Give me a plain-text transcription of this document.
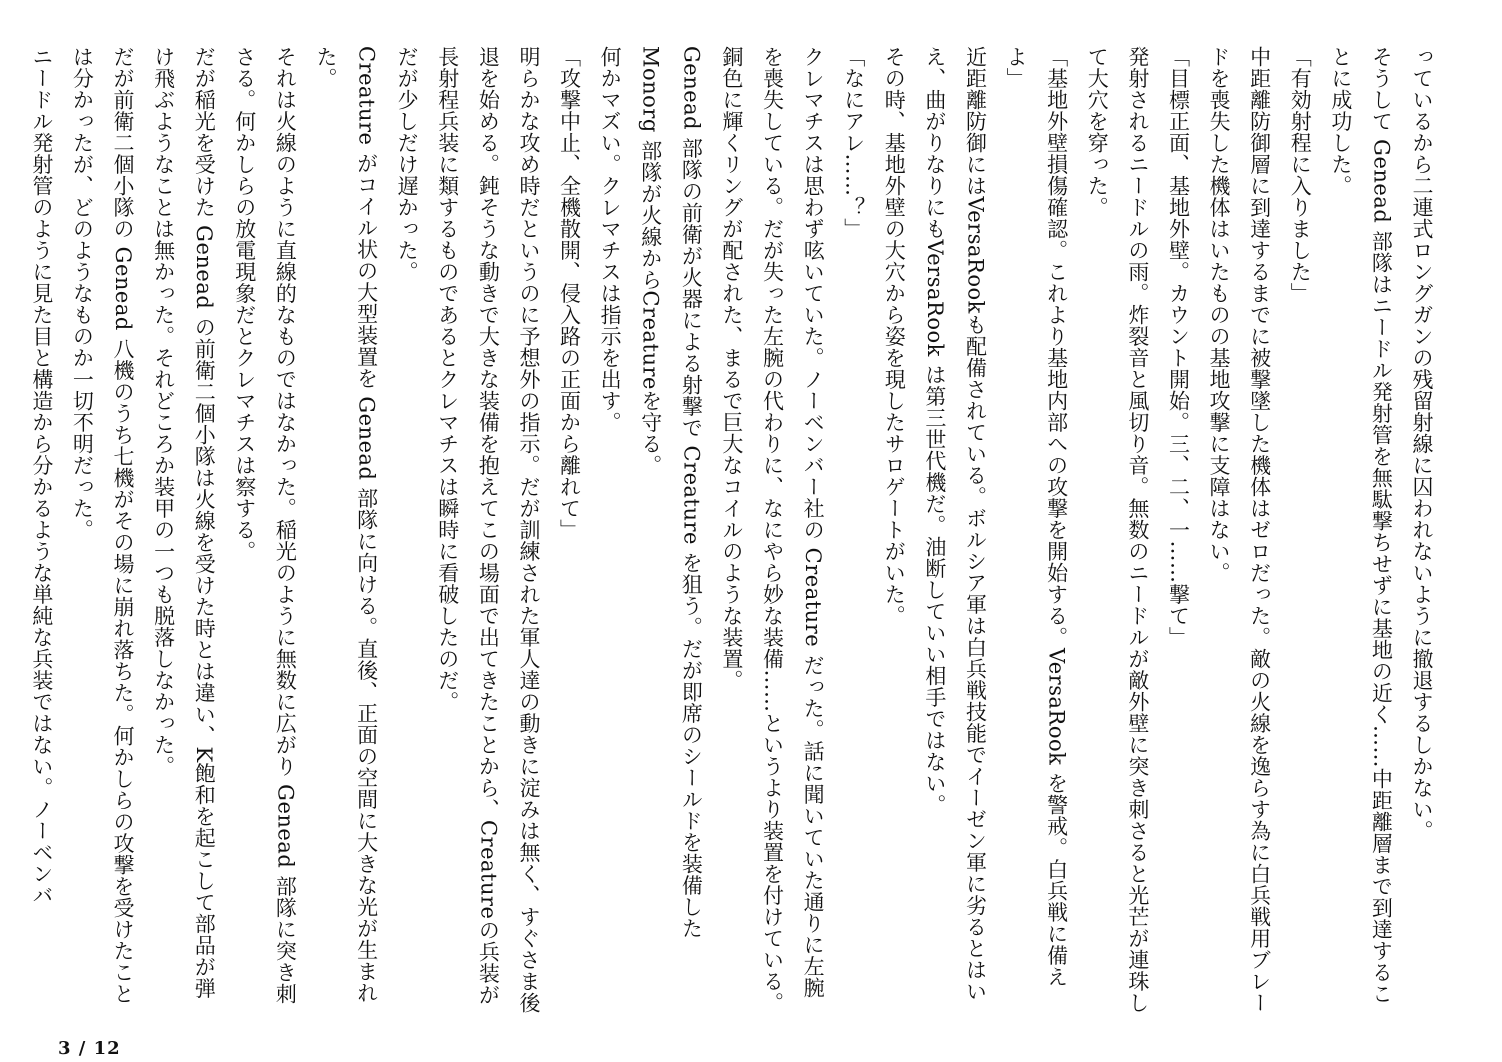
っているから二連式ロングガンの残留射線に囚われないように撤退するしかない。

そうして Genead 部隊はニードル発射管を無駄撃ちせずに基地の近く……中距離層まで到達することに成功した。

「有効射程に入りました」

中距離防御層に到達するまでに被撃墜した機体はゼロだった。敵の火線を逸らす為に白兵戦用ブレードを喪失した機体はいたものの基地攻撃に支障はない。

「目標正面、基地外壁。カウント開始。三、二、一……撃て」

発射されるニードルの雨。炸裂音と風切り音。無数のニードルが敵外壁に突き刺さると光芒が連珠して大穴を穿った。

「基地外壁損傷確認。これより基地内部への攻撃を開始する。VersaRook を警戒。白兵戦に備えよ」

近距離防御にはVersaRookも配備されている。ボルシア軍は白兵戦技能でイーゼン軍に劣るとはいえ、曲がりなりにもVersaRook は第三世代機だ。油断していい相手ではない。

その時、基地外壁の大穴から姿を現したサロゲートがいた。

「なにアレ……？」

クレマチスは思わず呟いていた。ノーベンバー社の Creature だった。話に聞いていた通りに左腕を喪失している。だが失った左腕の代わりに、なにやら妙な装備……というより装置を付けている。銅色に輝くリングが配された、まるで巨大なコイルのような装置。

Genead 部隊の前衛が火器による射撃で Creature を狙う。だが即席のシールドを装備したMonorg 部隊が火線からCreatureを守る。

何かマズい。クレマチスは指示を出す。

「攻撃中止、全機散開、侵入路の正面から離れて」

明らかな攻め時だというのに予想外の指示。だが訓練された軍人達の動きに淀みは無く、すぐさま後退を始める。鈍そうな動きで大きな装備を抱えてこの場面で出てきたことから、Creatureの兵装が長射程兵装に類するものであるとクレマチスは瞬時に看破したのだ。

だが少しだけ遅かった。

Creature がコイル状の大型装置を Genead 部隊に向ける。直後、正面の空間に大きな光が生まれた。

それは火線のように直線的なものではなかった。稲光のように無数に広がり Genead 部隊に突き刺さる。何かしらの放電現象だとクレマチスは察する。

だが稲光を受けた Genead の前衛二個小隊は火線を受けた時とは違い、K飽和を起こして部品が弾け飛ぶようなことは無かった。それどころか装甲の一つも脱落しなかった。

だが前衛二個小隊の Genead 八機のうち七機がその場に崩れ落ちた。何かしらの攻撃を受けたことは分かったが、どのようなものか一切不明だった。

ニードル発射管のように見た目と構造から分かるような単純な兵装ではない。ノーベンバ

3 / 12
